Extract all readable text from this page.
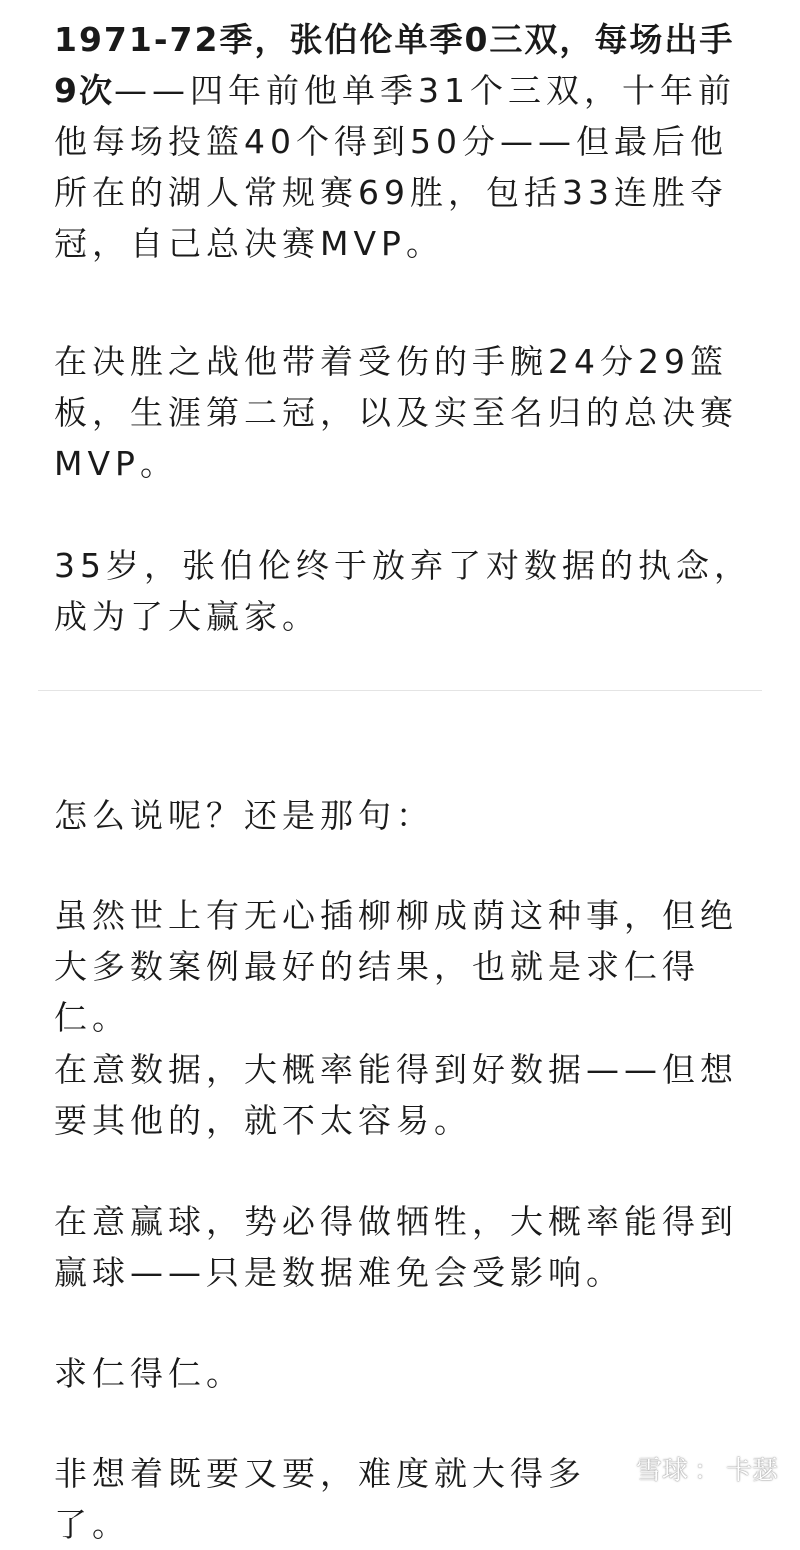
1971-72季，张伯伦单季0三双，每场出手9次——四年前他单季31个三双，十年前他每场投篮40个得到50分——但最后他所在的湖人常规赛69胜，包括33连胜夺冠，自己总决赛MVP。

在决胜之战他带着受伤的手腕24分29篮板，生涯第二冠，以及实至名归的总决赛MVP。

35岁，张伯伦终于放弃了对数据的执念，成为了大赢家。

怎么说呢？还是那句：

虽然世上有无心插柳柳成荫这种事，但绝大多数案例最好的结果，也就是求仁得仁。

在意数据，大概率能得到好数据——但想要其他的，就不太容易。

在意赢球，势必得做牺牲，大概率能得到赢球——只是数据难免会受影响。

求仁得仁。

非想着既要又要，难度就大得多了。

雪球 ： 卡瑟
